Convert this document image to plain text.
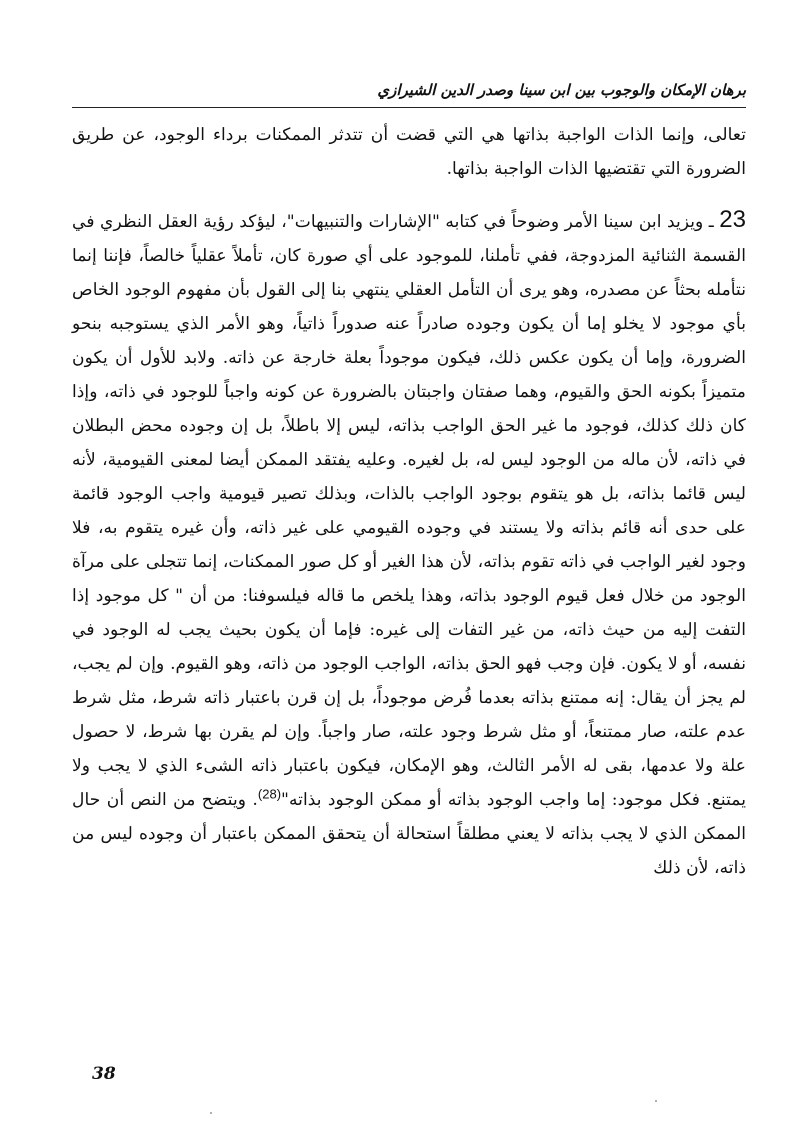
برهان الإمكان والوجوب بين ابن سينا وصدر الدين الشيرازي

تعالى، وإنما الذات الواجبة بذاتها هي التي قضت أن تتدثر الممكنات برداء الوجود، عن طريق الضرورة التي تقتضيها الذات الواجبة بذاتها.

23 ـ ويزيد ابن سينا الأمر وضوحاً في كتابه "الإشارات والتنبيهات"، ليؤكد رؤية العقل النظري في القسمة الثنائية المزدوجة، ففي تأملنا، للموجود على أي صورة كان، تأملاً عقلياً خالصاً، فإننا إنما نتأمله بحثاً عن مصدره، وهو يرى أن التأمل العقلي ينتهي بنا إلى القول بأن مفهوم الوجود الخاص بأي موجود لا يخلو إما أن يكون وجوده صادراً عنه صدوراً ذاتياً، وهو الأمر الذي يستوجبه بنحو الضرورة، وإما أن يكون عكس ذلك، فيكون موجوداً بعلة خارجة عن ذاته. ولابد للأول أن يكون متميزاً بكونه الحق والقيوم، وهما صفتان واجبتان بالضرورة عن كونه واجباً للوجود في ذاته، وإذا كان ذلك كذلك، فوجود ما غير الحق الواجب بذاته، ليس إلا باطلاً، بل إن وجوده محض البطلان في ذاته، لأن ماله من الوجود ليس له، بل لغيره. وعليه يفتقد الممكن أيضا لمعنى القيومية، لأنه ليس قائما بذاته، بل هو يتقوم بوجود الواجب بالذات، وبذلك تصير قيومية واجب الوجود قائمة على حدى أنه قائم بذاته ولا يستند في وجوده القيومي على غير ذاته، وأن غيره يتقوم به، فلا وجود لغير الواجب في ذاته تقوم بذاته، لأن هذا الغير أو كل صور الممكنات، إنما تتجلى على مرآة الوجود من خلال فعل قيوم الوجود بذاته، وهذا يلخص ما قاله فيلسوفنا: من أن " كل موجود إذا التفت إليه من حيث ذاته، من غير التفات إلى غيره: فإما أن يكون بحيث يجب له الوجود في نفسه، أو لا يكون. فإن وجب فهو الحق بذاته، الواجب الوجود من ذاته، وهو القيوم. وإن لم يجب، لم يجز أن يقال: إنه ممتنع بذاته بعدما فُرض موجوداً، بل إن قرن باعتبار ذاته شرط، مثل شرط عدم علته، صار ممتنعاً، أو مثل شرط وجود علته، صار واجباً. وإن لم يقرن بها شرط، لا حصول علة ولا عدمها، بقى له الأمر الثالث، وهو الإمكان، فيكون باعتبار ذاته الشىء الذي لا يجب ولا يمتنع. فكل موجود: إما واجب الوجود بذاته أو ممكن الوجود بذاته"$^{(28)}$. ويتضح من النص أن حال الممكن الذي لا يجب بذاته لا يعني مطلقاً استحالة أن يتحقق الممكن باعتبار أن وجوده ليس من ذاته، لأن ذلك

38
